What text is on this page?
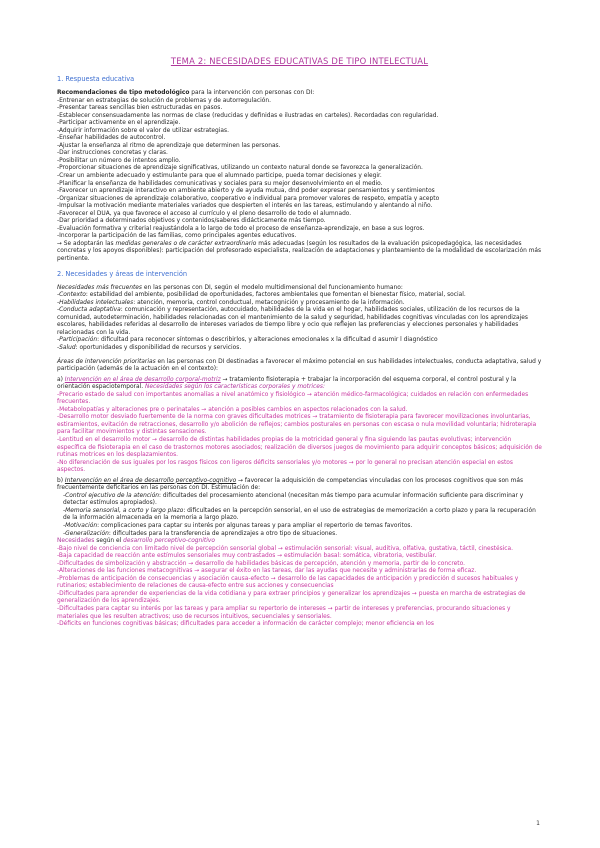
TEMA 2: NECESIDADES EDUCATIVAS DE TIPO INTELECTUAL
1. Respuesta educativa

Recomendaciones de tipo metodológico para la intervención con personas con DI:

-Entrenar en estrategias de solución de problemas y de autorregulación.

-Presentar tareas sencillas bien estructuradas en pasos.

-Establecer consensuadamente las normas de clase (reducidas y definidas e ilustradas en carteles). Recordadas con regularidad.

-Participar activamente en el aprendizaje.

-Adquirir información sobre el valor de utilizar estrategias.

-Enseñar habilidades de autocontrol.

-Ajustar la enseñanza al ritmo de aprendizaje que determinen las personas.

-Dar instrucciones concretas y claras.

-Posibilitar un número de intentos amplio.

-Proporcionar situaciones de aprendizaje significativas, utilizando un contexto natural donde se favorezca la generalización.

-Crear un ambiente adecuado y estimulante para que el alumnado participe, pueda tomar decisiones y elegir.

-Planificar la enseñanza de habilidades comunicativas y sociales para su mejor desenvolvimiento en el medio.

-Favorecer un aprendizaje interactivo en ambiente abierto y de ayuda mutua, dnd poder expresar pensamientos y sentimientos

-Organizar situaciones de aprendizaje colaborativo, cooperativo e individual para promover valores de respeto, empatía y acepto

-Impulsar la motivación mediante materiales variados que despierten el interés en las tareas, estimulando y alentando al niño.

-Favorecer el DUA, ya que favorece el acceso al currículo y el pleno desarrollo de todo el alumnado.

-Dar prioridad a determinados objetivos y contenidos/saberes didácticamente más tiempo.

-Evaluación formativa y criterial reajustándola a lo largo de todo el proceso de enseñanza-aprendizaje, en base a sus logros.

-Incorporar la participación de las familias, como principales agentes educativos.

→ Se adoptarán las medidas generales o de carácter extraordinario más adecuadas (según los resultados de la evaluación psicopedagógica, las necesidades concretas y los apoyos disponibles): participación del profesorado especialista, realización de adaptaciones y planteamiento de la modalidad de escolarización más pertinente.

2. Necesidades y áreas de intervención

Necesidades más frecuentes en las personas con DI, según el modelo multidimensional del funcionamiento humano:

-Contexto: estabilidad del ambiente, posibilidad de oportunidades, factores ambientales que fomentan el bienestar físico, material, social.

-Habilidades intelectuales: atención, memoria, control conductual, metacognición y procesamiento de la información.

-Conducta adaptativa: comunicación y representación, autocuidado, habilidades de la vida en el hogar, habilidades sociales, utilización de los recursos de la comunidad, autodeterminación, habilidades relacionadas con el mantenimiento de la salud y seguridad, habilidades cognitivas vinculadas con los aprendizajes escolares, habilidades referidas al desarrollo de intereses variados de tiempo libre y ocio que reflejen las preferencias y elecciones personales y habilidades relacionadas con la vida.

-Participación: dificultad para reconocer síntomas o describirlos, y alteraciones emocionales x la dificultad d asumir l diagnóstico

-Salud: oportunidades y disponibilidad de recursos y servicios.

Áreas de intervención prioritarias en las personas con DI destinadas a favorecer el máximo potencial en sus habilidades intelectuales, conducta adaptativa, salud y participación (además de la actuación en el contexto):

a) Intervención en el área de desarrollo corporal-motriz → tratamiento fisioterapia + trabajar la incorporación del esquema corporal, el control postural y la orientación espaciotemporal. Necesidades según los características corporales y motrices:

-Precario estado de salud con importantes anomalías a nivel anatómico y fisiológico → atención médico-farmacológica; cuidados en relación con enfermedades frecuentes.

-Metabolopatías y alteraciones pre o perinatales → atención a posibles cambios en aspectos relacionados con la salud.

-Desarrollo motor desviado fuertemente de la norma con graves dificultades motrices → tratamiento de fisioterapia para favorecer movilizaciones involuntarias, estiramientos, evitación de retracciones, desarrollo y/o abolición de reflejos; cambios posturales en personas con escasa o nula movilidad voluntaria; hidroterapia para facilitar movimientos y distintas sensaciones.

-Lentitud en el desarrollo motor → desarrollo de distintas habilidades propias de la motricidad general y fina siguiendo las pautas evolutivas; intervención específica de fisioterapia en el caso de trastornos motores asociados; realización de diversos juegos de movimiento para adquirir conceptos básicos; adquisición de rutinas motrices en los desplazamientos.

-No diferenciación de sus iguales por los rasgos físicos con ligeros déficits sensoriales y/o motores → por lo general no precisan atención especial en estos aspectos.

b) Intervención en el área de desarrollo perceptivo-cognitivo → favorecer la adquisición de competencias vinculadas con los procesos cognitivos que son más frecuentemente deficitarios en las personas con DI. Estimulación de:

-Control ejecutivo de la atención: dificultades del procesamiento atencional (necesitan más tiempo para acumular información suficiente para discriminar y detectar estímulos apropiados).

-Memoria sensorial, a corto y largo plazo: dificultades en la percepción sensorial, en el uso de estrategias de memorización a corto plazo y para la recuperación de la información almacenada en la memoria a largo plazo.

-Motivación: complicaciones para captar su interés por algunas tareas y para ampliar el repertorio de temas favoritos.

-Generalización: dificultades para la transferencia de aprendizajes a otro tipo de situaciones.

Necesidades según el desarrollo perceptivo-cognitivo

-Bajo nivel de conciencia con limitado nivel de percepción sensorial global → estimulación sensorial: visual, auditiva, olfativa, gustativa, táctil, cinestésica.

-Baja capacidad de reacción ante estímulos sensoriales muy contrastados → estimulación basal: somática, vibratoria, vestibular.

-Dificultades de simbolización y abstracción → desarrollo de habilidades básicas de percepción, atención y memoria, partir de lo concreto.

-Alteraciones de las funciones metacognitivas → asegurar el éxito en las tareas, dar las ayudas que necesite y administrarlas de forma eficaz.

-Problemas de anticipación de consecuencias y asociación causa-efecto → desarrollo de las capacidades de anticipación y predicción d sucesos habituales y rutinarios; establecimiento de relaciones de causa-efecto entre sus acciones y consecuencias

-Dificultades para aprender de experiencias de la vida cotidiana y para extraer principios y generalizar los aprendizajes → puesta en marcha de estrategias de generalización de los aprendizajes.

-Dificultades para captar su interés por las tareas y para ampliar su repertorio de intereses → partir de intereses y preferencias, procurando situaciones y materiales que les resulten atractivos; uso de recursos intuitivos, secuenciales y sensoriales.

-Déficits en funciones cognitivas básicas; dificultades para acceder a información de carácter complejo; menor eficiencia en los

1
